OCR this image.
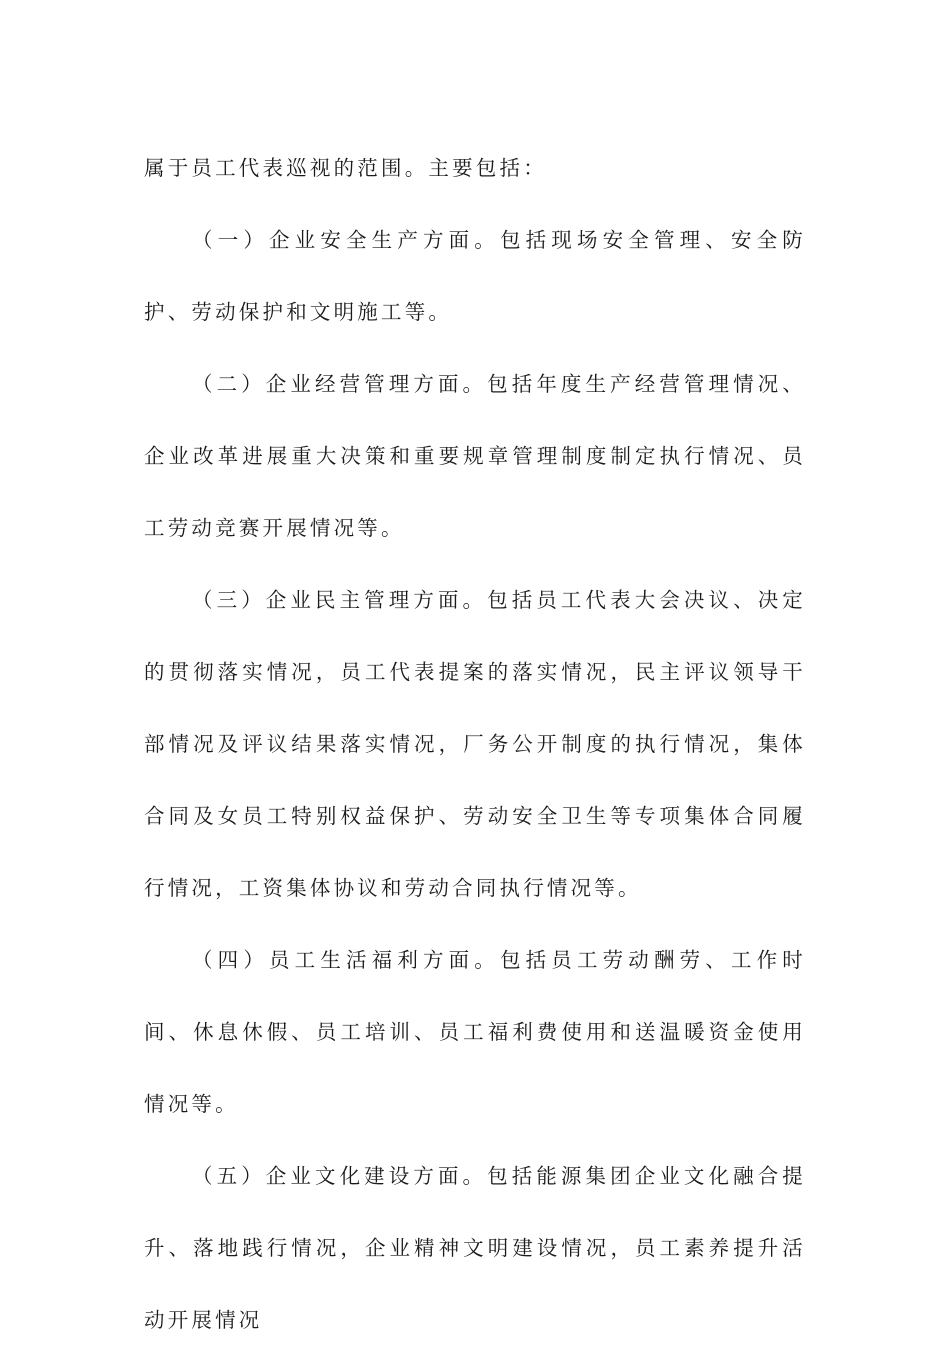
属于员工代表巡视的范围。主要包括：

（一）企业安全生产方面。包括现场安全管理、安全防护、劳动保护和文明施工等。

（二）企业经营管理方面。包括年度生产经营管理情况、企业改革进展重大决策和重要规章管理制度制定执行情况、员工劳动竞赛开展情况等。

（三）企业民主管理方面。包括员工代表大会决议、决定的贯彻落实情况，员工代表提案的落实情况，民主评议领导干部情况及评议结果落实情况，厂务公开制度的执行情况，集体合同及女员工特别权益保护、劳动安全卫生等专项集体合同履行情况，工资集体协议和劳动合同执行情况等。

（四）员工生活福利方面。包括员工劳动酬劳、工作时间、休息休假、员工培训、员工福利费使用和送温暖资金使用情况等。

（五）企业文化建设方面。包括能源集团企业文化融合提升、落地践行情况，企业精神文明建设情况，员工素养提升活动开展情况
